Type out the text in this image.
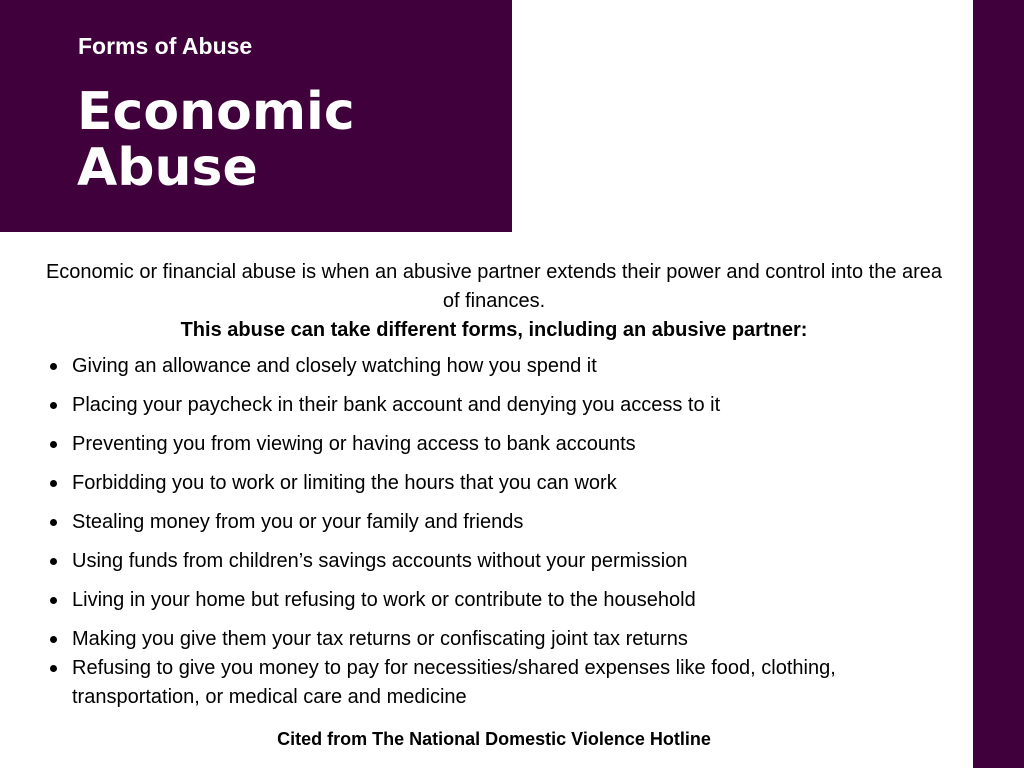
Forms of Abuse

Economic
Abuse

Economic or financial abuse is when an abusive partner extends their power and control into the area of finances.

This abuse can take different forms, including an abusive partner:

Giving an allowance and closely watching how you spend it
Placing your paycheck in their bank account and denying you access to it
Preventing you from viewing or having access to bank accounts
Forbidding you to work or limiting the hours that you can work
Stealing money from you or your family and friends
Using funds from children’s savings accounts without your permission
Living in your home but refusing to work or contribute to the household
Making you give them your tax returns or confiscating joint tax returns
Refusing to give you money to pay for necessities/shared expenses like food, clothing, transportation, or medical care and medicine

Cited from The National Domestic Violence Hotline
